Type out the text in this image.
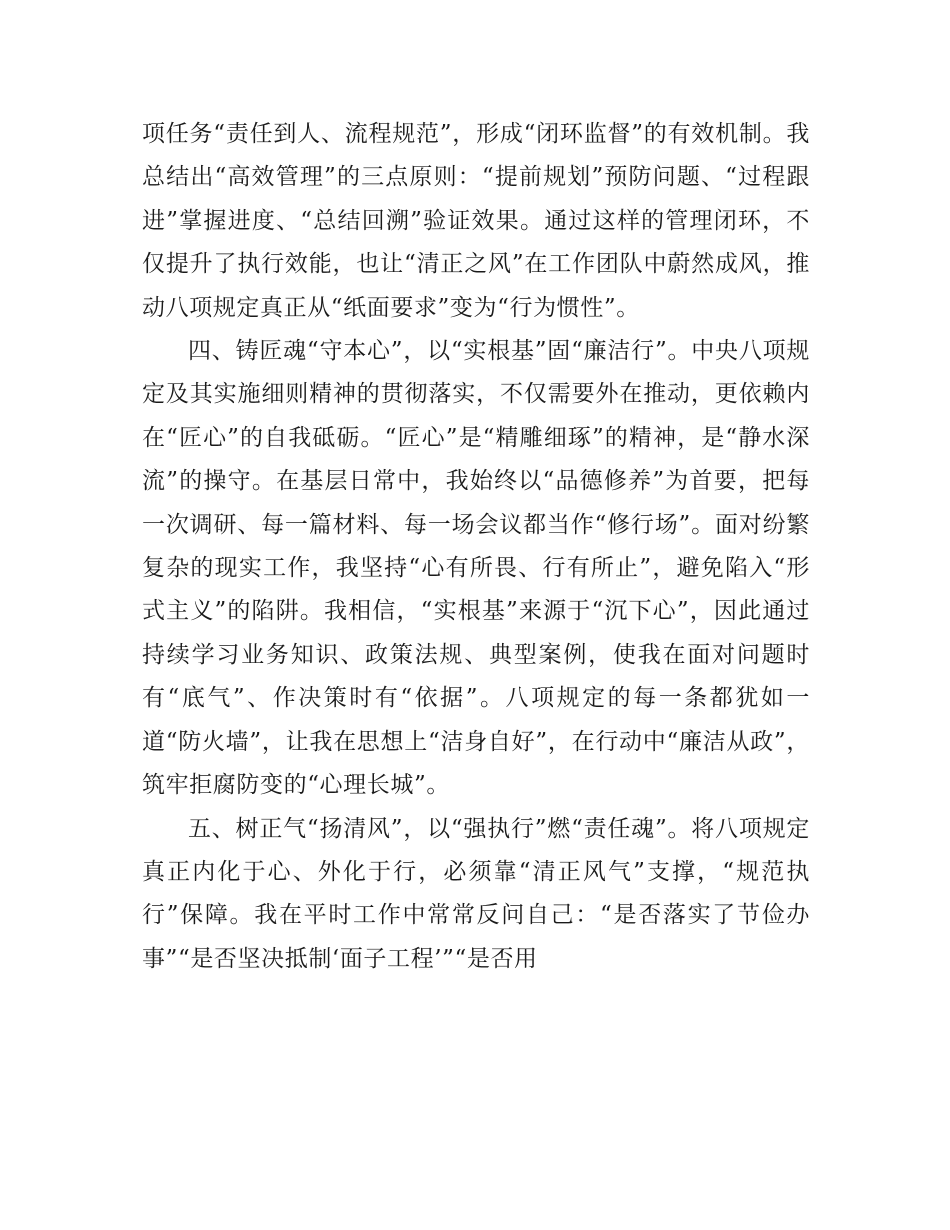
项任务“责任到人、流程规范”，形成“闭环监督”的有效机制。我总结出“高效管理”的三点原则：“提前规划”预防问题、“过程跟进”掌握进度、“总结回溯”验证效果。通过这样的管理闭环，不仅提升了执行效能，也让“清正之风”在工作团队中蔚然成风，推动八项规定真正从“纸面要求”变为“行为惯性”。

四、铸匠魂“守本心”，以“实根基”固“廉洁行”。中央八项规定及其实施细则精神的贯彻落实，不仅需要外在推动，更依赖内在“匠心”的自我砥砺。“匠心”是“精雕细琢”的精神，是“静水深流”的操守。在基层日常中，我始终以“品德修养”为首要，把每一次调研、每一篇材料、每一场会议都当作“修行场”。面对纷繁复杂的现实工作，我坚持“心有所畏、行有所止”，避免陷入“形式主义”的陷阱。我相信，“实根基”来源于“沉下心”，因此通过持续学习业务知识、政策法规、典型案例，使我在面对问题时有“底气”、作决策时有“依据”。八项规定的每一条都犹如一道“防火墙”，让我在思想上“洁身自好”，在行动中“廉洁从政”，筑牢拒腐防变的“心理长城”。

五、树正气“扬清风”，以“强执行”燃“责任魂”。将八项规定真正内化于心、外化于行，必须靠“清正风气”支撑，“规范执行”保障。我在平时工作中常常反问自己：“是否落实了节俭办事”“是否坚决抵制‘面子工程’”“是否用
